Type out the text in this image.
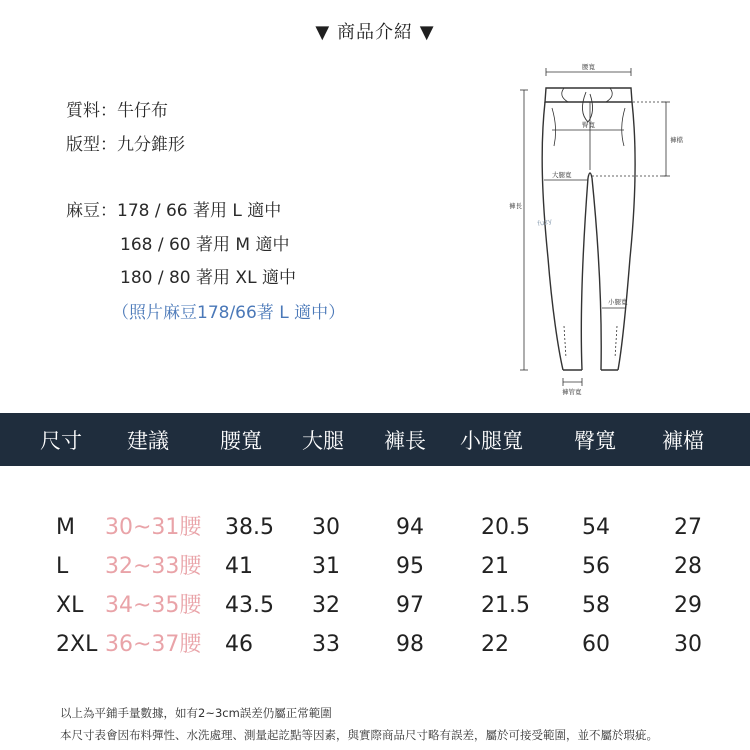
▼ 商品介紹 ▼
質料：牛仔布
版型：九分錐形
麻豆：178 / 66 著用 L 適中
168 / 60 著用 M 適中
180 / 80 著用 XL 適中
（照片麻豆178/66著 L 適中）
腰寬
臀寬
大腿寬
小腿寬
褲管寬
褲長
褲檔
fuzy
尺寸 建議 腰寬 大腿 褲長 小腿寬 臀寬 褲檔
M 30~31腰 38.5 30	94	20.5 54	27
L 32~33腰 41	31	95	21	56	28
XL 34~35腰 43.5 32	97	21.5 58	29
2XL 36~37腰 46	33	98	22	60	30
以上為平鋪手量數據，如有2~3cm誤差仍屬正常範圍
本尺寸表會因布料彈性、水洗處理、測量起訖點等因素，與實際商品尺寸略有誤差，屬於可接受範圍，並不屬於瑕疵。
